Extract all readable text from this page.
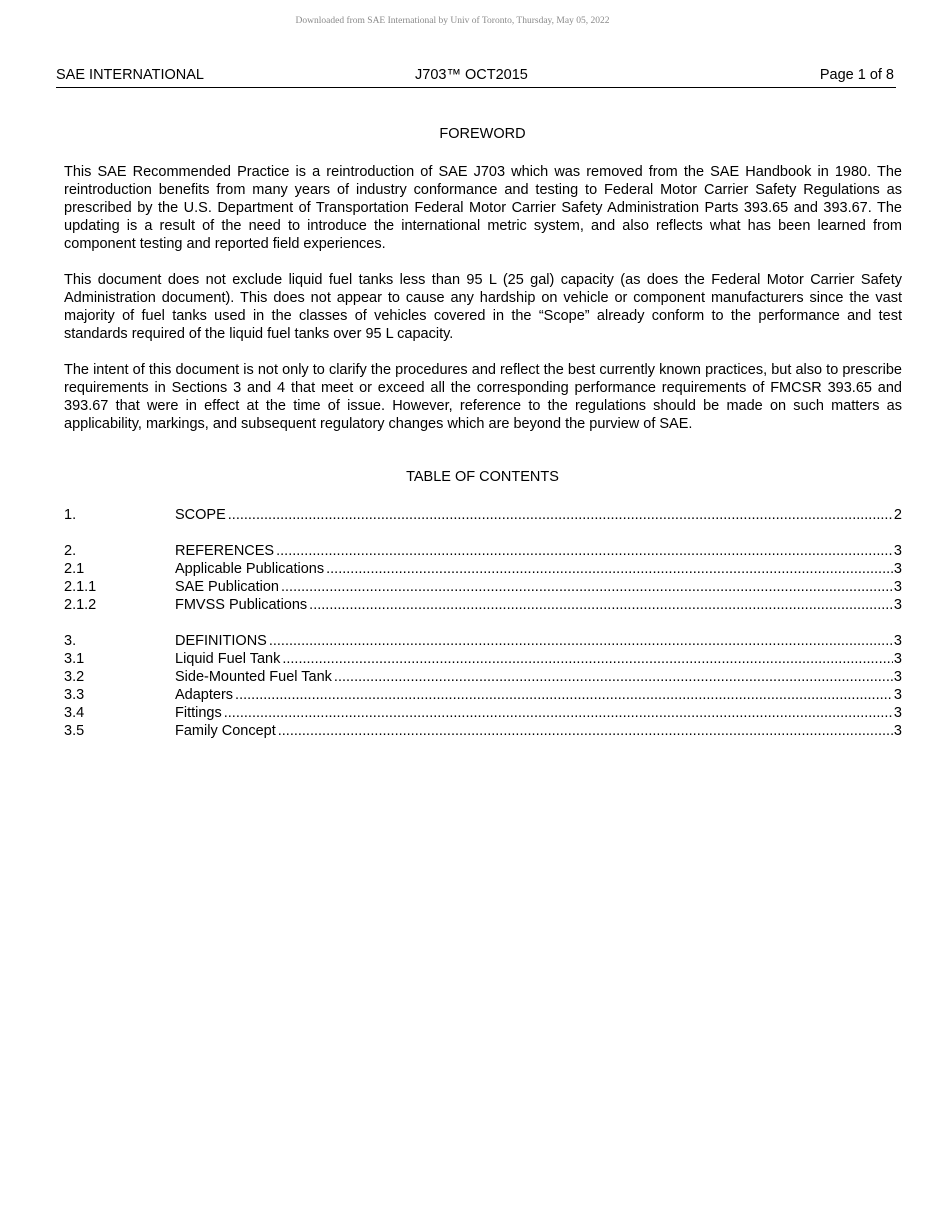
Downloaded from SAE International by Univ of Toronto, Thursday, May 05, 2022
SAE INTERNATIONAL	J703™ OCT2015	Page 1 of 8
FOREWORD
This SAE Recommended Practice is a reintroduction of SAE J703 which was removed from the SAE Handbook in 1980. The reintroduction benefits from many years of industry conformance and testing to Federal Motor Carrier Safety Regulations as prescribed by the U.S. Department of Transportation Federal Motor Carrier Safety Administration Parts 393.65 and 393.67. The updating is a result of the need to introduce the international metric system, and also reflects what has been learned from component testing and reported field experiences.
This document does not exclude liquid fuel tanks less than 95 L (25 gal) capacity (as does the Federal Motor Carrier Safety Administration document). This does not appear to cause any hardship on vehicle or component manufacturers since the vast majority of fuel tanks used in the classes of vehicles covered in the “Scope” already conform to the performance and test standards required of the liquid fuel tanks over 95 L capacity.
The intent of this document is not only to clarify the procedures and reflect the best currently known practices, but also to prescribe requirements in Sections 3 and 4 that meet or exceed all the corresponding performance requirements of FMCSR 393.65 and 393.67 that were in effect at the time of issue. However, reference to the regulations should be made on such matters as applicability, markings, and subsequent regulatory changes which are beyond the purview of SAE.
TABLE OF CONTENTS
1.	SCOPE .....	2
2.	REFERENCES .....	3
2.1	Applicable Publications .....	3
2.1.1	SAE Publication .....	3
2.1.2	FMVSS Publications .....	3
3.	DEFINITIONS .....	3
3.1	Liquid Fuel Tank .....	3
3.2	Side-Mounted Fuel Tank .....	3
3.3	Adapters .....	3
3.4	Fittings .....	3
3.5	Family Concept .....	3
